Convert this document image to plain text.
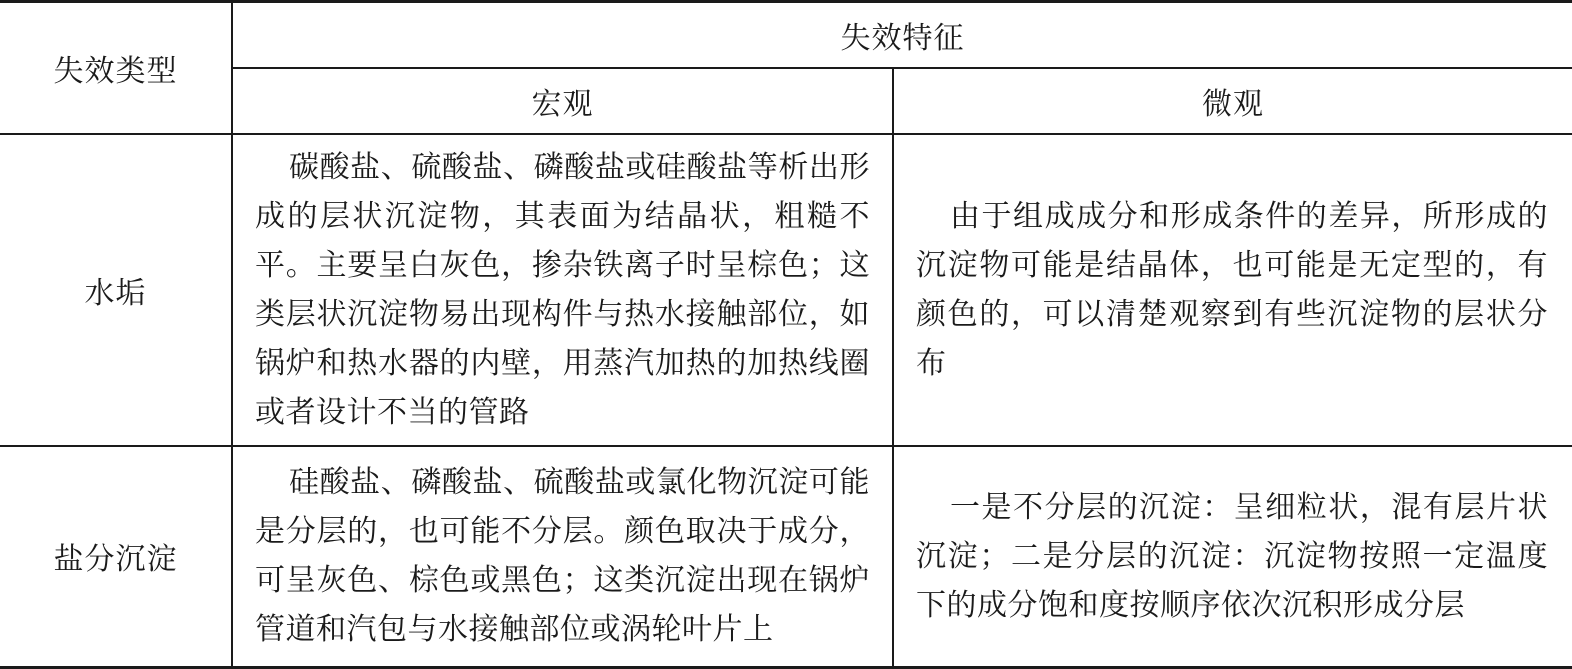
失效类型	失效特征	
	宏观	微观
水垢	碳酸盐、硫酸盐、磷酸盐或硅酸盐等析出形成的层状沉淀物，其表面为结晶状，粗糙不平。主要呈白灰色，掺杂铁离子时呈棕色；这类层状沉淀物易出现构件与热水接触部位，如锅炉和热水器的内壁，用蒸汽加热的加热线圈或者设计不当的管路	由于组成成分和形成条件的差异，所形成的沉淀物可能是结晶体，也可能是无定型的，有颜色的，可以清楚观察到有些沉淀物的层状分布
盐分沉淀	硅酸盐、磷酸盐、硫酸盐或氯化物沉淀可能是分层的，也可能不分层。颜色取决于成分，可呈灰色、棕色或黑色；这类沉淀出现在锅炉管道和汽包与水接触部位或涡轮叶片上	一是不分层的沉淀：呈细粒状，混有层片状沉淀；二是分层的沉淀：沉淀物按照一定温度下的成分饱和度按顺序依次沉积形成分层
